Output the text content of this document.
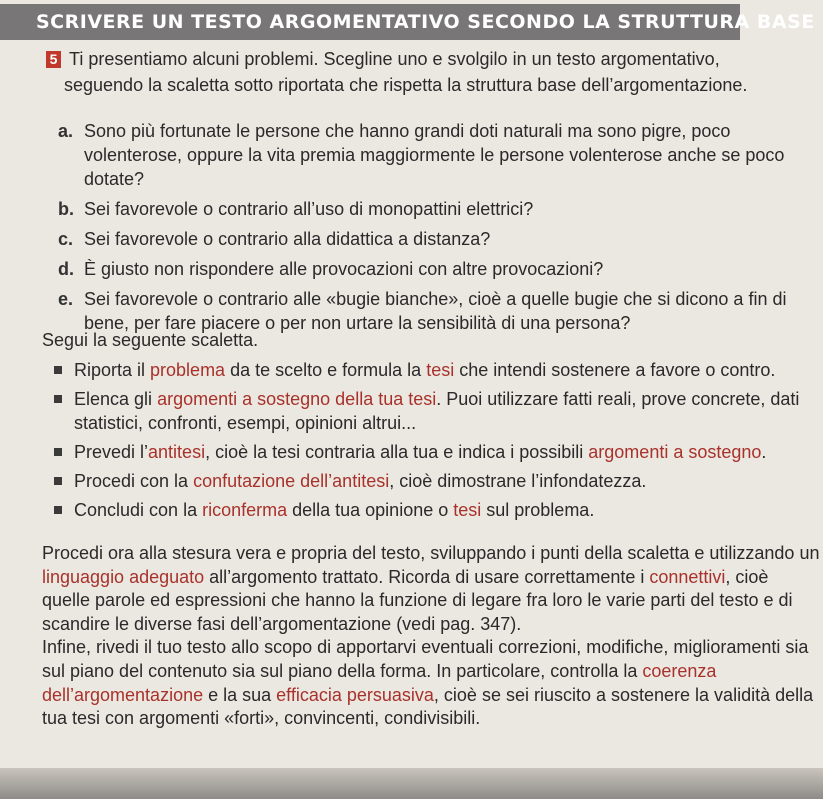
SCRIVERE UN TESTO ARGOMENTATIVO SECONDO LA STRUTTURA BASE
5 Ti presentiamo alcuni problemi. Scegline uno e svolgilo in un testo argomentativo,
seguendo la scaletta sotto riportata che rispetta la struttura base dell’argomentazione.
a. Sono più fortunate le persone che hanno grandi doti naturali ma sono pigre, poco volenterose, oppure la vita premia maggiormente le persone volenterose anche se poco dotate?
b. Sei favorevole o contrario all’uso di monopattini elettrici?
c. Sei favorevole o contrario alla didattica a distanza?
d. È giusto non rispondere alle provocazioni con altre provocazioni?
e. Sei favorevole o contrario alle «bugie bianche», cioè a quelle bugie che si dicono a fin di bene, per fare piacere o per non urtare la sensibilità di una persona?
Segui la seguente scaletta.
Riporta il problema da te scelto e formula la tesi che intendi sostenere a favore o contro.
Elenca gli argomenti a sostegno della tua tesi. Puoi utilizzare fatti reali, prove concrete, dati statistici, confronti, esempi, opinioni altrui...
Prevedi l’antitesi, cioè la tesi contraria alla tua e indica i possibili argomenti a sostegno.
Procedi con la confutazione dell’antitesi, cioè dimostrane l’infondatezza.
Concludi con la riconferma della tua opinione o tesi sul problema.

Procedi ora alla stesura vera e propria del testo, sviluppando i punti della scaletta e utilizzando un linguaggio adeguato all’argomento trattato. Ricorda di usare correttamente i connettivi, cioè quelle parole ed espressioni che hanno la funzione di legare fra loro le varie parti del testo e di scandire le diverse fasi dell’argomentazione (vedi pag. 347).

Infine, rivedi il tuo testo allo scopo di apportarvi eventuali correzioni, modifiche, miglioramenti sia sul piano del contenuto sia sul piano della forma. In particolare, controlla la coerenza dell’argomentazione e la sua efficacia persuasiva, cioè se sei riuscito a sostenere la validità della tua tesi con argomenti «forti», convincenti, condivisibili.
